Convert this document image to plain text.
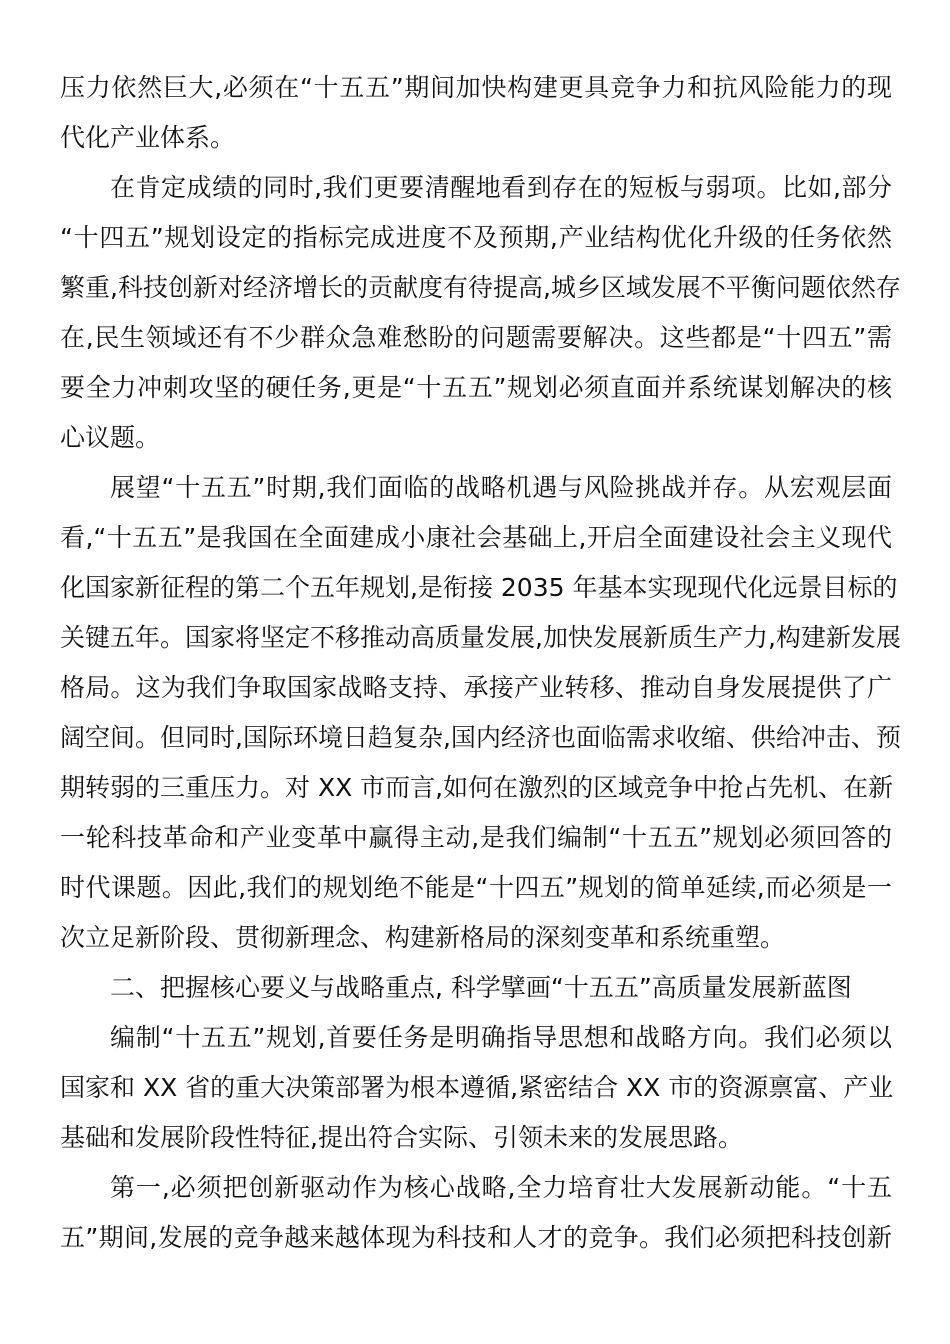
压力依然巨大,必须在“十五五”期间加快构建更具竞争力和抗风险能力的现
代化产业体系。
在肯定成绩的同时,我们更要清醒地看到存在的短板与弱项。比如,部分
“十四五”规划设定的指标完成进度不及预期,产业结构优化升级的任务依然
繁重,科技创新对经济增长的贡献度有待提高,城乡区域发展不平衡问题依然存
在,民生领域还有不少群众急难愁盼的问题需要解决。这些都是“十四五”需
要全力冲刺攻坚的硬任务,更是“十五五”规划必须直面并系统谋划解决的核
心议题。
展望“十五五”时期,我们面临的战略机遇与风险挑战并存。从宏观层面
看,“十五五”是我国在全面建成小康社会基础上,开启全面建设社会主义现代
化国家新征程的第二个五年规划,是衔接 2035 年基本实现现代化远景目标的
关键五年。国家将坚定不移推动高质量发展,加快发展新质生产力,构建新发展
格局。这为我们争取国家战略支持、承接产业转移、推动自身发展提供了广
阔空间。但同时,国际环境日趋复杂,国内经济也面临需求收缩、供给冲击、预
期转弱的三重压力。对 XX 市而言,如何在激烈的区域竞争中抢占先机、在新
一轮科技革命和产业变革中赢得主动,是我们编制“十五五”规划必须回答的
时代课题。因此,我们的规划绝不能是“十四五”规划的简单延续,而必须是一
次立足新阶段、贯彻新理念、构建新格局的深刻变革和系统重塑。
二、把握核心要义与战略重点, 科学擘画“十五五”高质量发展新蓝图
编制“十五五”规划,首要任务是明确指导思想和战略方向。我们必须以
国家和 XX 省的重大决策部署为根本遵循,紧密结合 XX 市的资源禀富、产业
基础和发展阶段性特征,提出符合实际、引领未来的发展思路。
第一,必须把创新驱动作为核心战略,全力培育壮大发展新动能。“十五
五”期间,发展的竞争越来越体现为科技和人才的竞争。我们必须把科技创新
